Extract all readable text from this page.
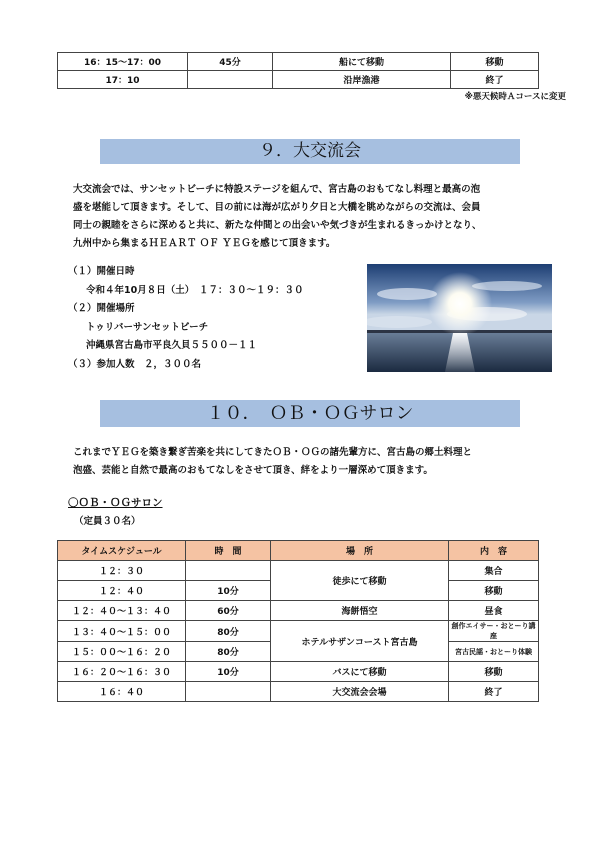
16：15～17：00	45分	船にて移動	移動
17：10		沿岸漁港	終了
※悪天候時Ａコースに変更
９．大交流会
大交流会では、サンセットビーチに特設ステージを組んで、宮古島のおもてなし料理と最高の泡
盛を堪能して頂きます。そして、目の前には海が広がり夕日と大橋を眺めながらの交流は、会員
同士の親睦をさらに深めると共に、新たな仲間との出会いや気づきが生まれるきっかけとなり、
九州中から集まるＨＥＡＲＴ ＯＦ ＹＥＧを感じて頂きます。
（１）開催日時
令和４年10月８日（土）　１７：３０～１９：３０
（２）開催場所
トゥリバーサンセットビーチ
沖縄県宮古島市平良久貝５５００－１１
（３）参加人数　２，３００名
１０．　ＯＢ・ＯＧサロン
これまでＹＥＧを築き繋ぎ苦楽を共にしてきたＯＢ・ＯＧの諸先輩方に、宮古島の郷土料理と
泡盛、芸能と自然で最高のおもてなしをさせて頂き、絆をより一層深めて頂きます。
〇ＯＢ・ＯＧサロン
（定員３０名）
タイムスケジュール	時　間	場　所	内　容
１２：３０		徒歩にて移動	集合
１２：４０	10分		移動
１２：４０～１３：４０	60分	海餅悟空	昼食
１３：４０～１５：００	80分	ホテルサザンコースト宮古島	創作エイサー・おとーり講座
１５：００～１６：２０	80分		宮古民謡・おとーり体験
１６：２０～１６：３０	10分	バスにて移動	移動
１６：４０		大交流会会場	終了
